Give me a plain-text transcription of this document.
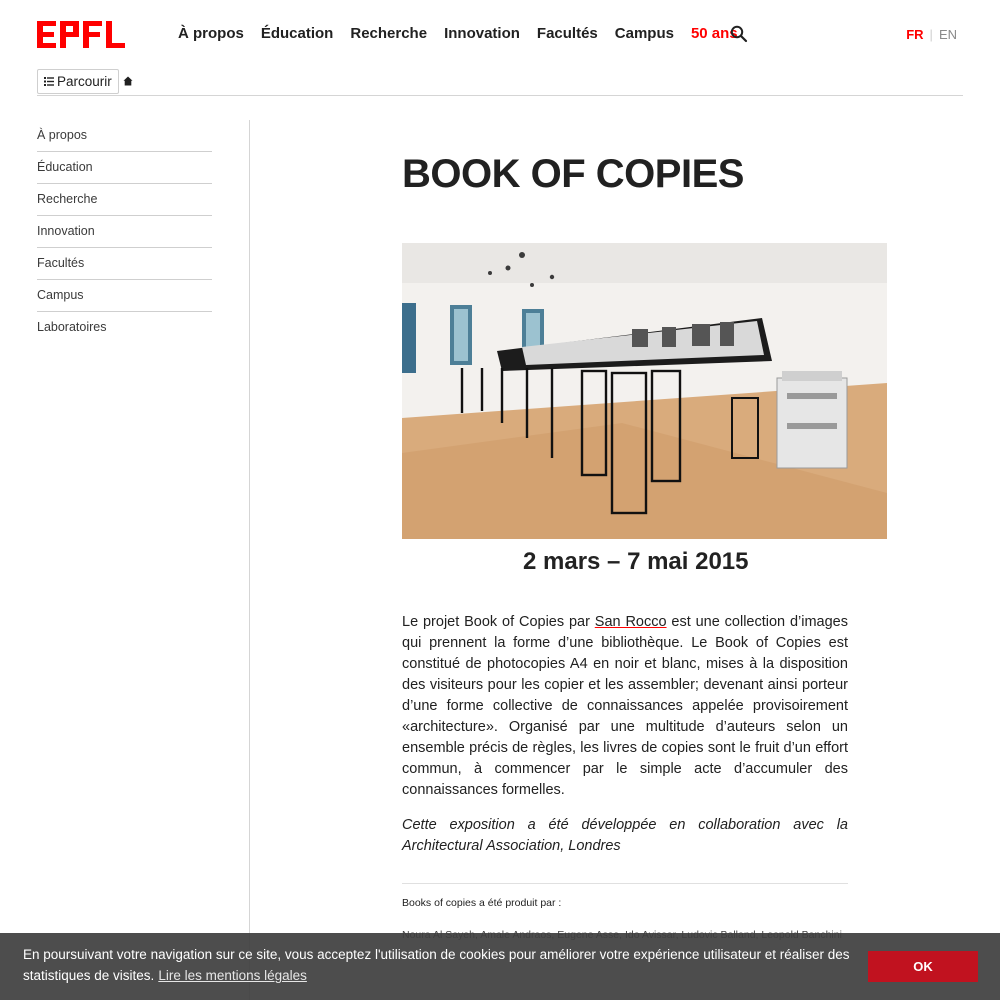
À propos Éducation Recherche Innovation Facultés Campus 50 ans	FR | EN
Parcourir
À propos
Éducation
Recherche
Innovation
Facultés
Campus
Laboratoires
BOOK OF COPIES
2 mars – 7 mai 2015

Le projet Book of Copies par San Rocco est une collection d’images qui prennent la forme d’une bibliothèque. Le Book of Copies est constitué de photocopies A4 en noir et blanc, mises à la disposition des visiteurs pour les copier et les assembler; devenant ainsi porteur d’une forme collective de connaissances appelée provisoirement «architecture». Organisé par une multitude d’auteurs selon un ensemble précis de règles, les livres de copies sont le fruit d’un effort commun, à commencer par le simple acte d’accumuler des connaissances formelles.

Cette exposition a été développée en collaboration avec la Architectural Association, Londres

Books of copies a été produit par :
En poursuivant votre navigation sur ce site, vous acceptez l'utilisation de cookies pour améliorer votre expérience utilisateur et réaliser des statistiques de visites. Lire les mentions légales
OK
